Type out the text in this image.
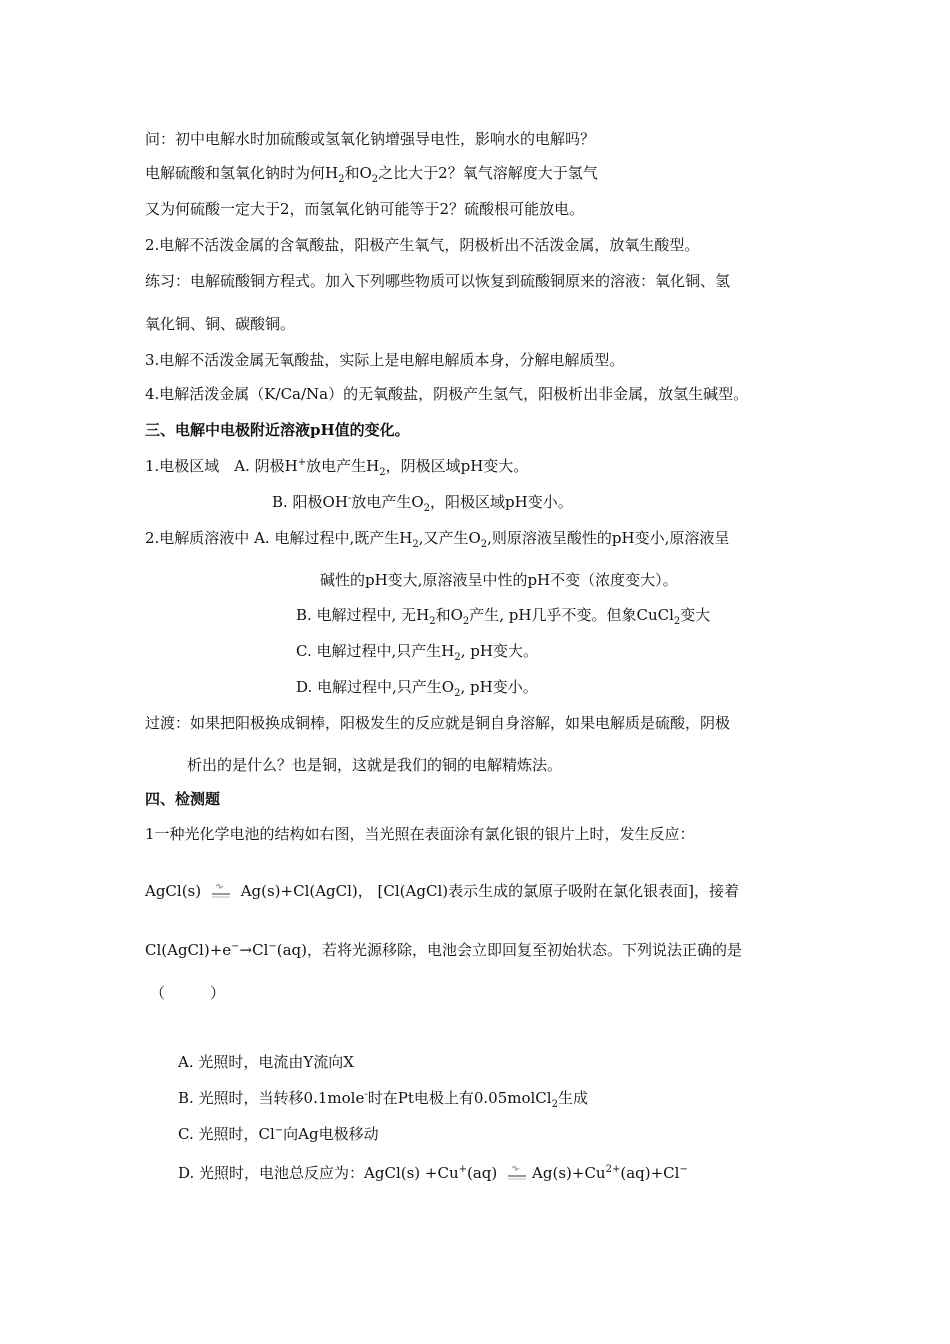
问：初中电解水时加硫酸或氢氧化钠增强导电性，影响水的电解吗？
电解硫酸和氢氧化钠时为何$H_2$和$O_2$之比大于2？氧气溶解度大于氢气
又为何硫酸一定大于2，而氢氧化钠可能等于2？硫酸根可能放电。
2.电解不活泼金属的含氧酸盐，阳极产生氧气，阴极析出不活泼金属，放氧生酸型。
练习：电解硫酸铜方程式。加入下列哪些物质可以恢复到硫酸铜原来的溶液：氧化铜、氢
氧化铜、铜、碳酸铜。
3.电解不活泼金属无氧酸盐，实际上是电解电解质本身，分解电解质型。
4.电解活泼金属（K/Ca/Na）的无氧酸盐，阴极产生氢气，阳极析出非金属，放氢生碱型。
三、电解中电极附近溶液pH值的变化。
1.电极区域　A. 阴极H+放电产生$H_2$，阴极区域pH变大。
B. 阳极OH-放电产生$O_2$，阳极区域pH变小。
2.电解质溶液中 A. 电解过程中,既产生$H_2$,又产生$O_2$,则原溶液呈酸性的pH变小,原溶液呈
碱性的pH变大,原溶液呈中性的pH不变（浓度变大）。
B. 电解过程中, 无$H_2$和$O_2$产生, pH几乎不变。但象CuCl$_2$变大
C. 电解过程中,只产生$H_2$, pH变大。
D. 电解过程中,只产生$O_2$, pH变小。
过渡：如果把阳极换成铜棒，阳极发生的反应就是铜自身溶解，如果电解质是硫酸，阴极
析出的是什么？也是铜，这就是我们的铜的电解精炼法。
四、检测题
1一种光化学电池的结构如右图，当光照在表面涂有氯化银的银片上时，发生反应：
AgCl(s)	Ag(s)+Cl(AgCl)， [Cl(AgCl)表示生成的氯原子吸附在氯化银表面]，接着
Cl(AgCl)+e−→Cl−(aq)，若将光源移除，电池会立即回复至初始状态。下列说法正确的是
（　　　）
A. 光照时，电流由Y流向X
B. 光照时，当转移0.1mole-时在Pt电极上有0.05molCl$_2$生成
C. 光照时，Cl−向Ag电极移动
D. 光照时，电池总反应为：AgCl(s) +Cu+(aq) $Ag(s)+Cu^{2+}(aq)+Cl^-$
